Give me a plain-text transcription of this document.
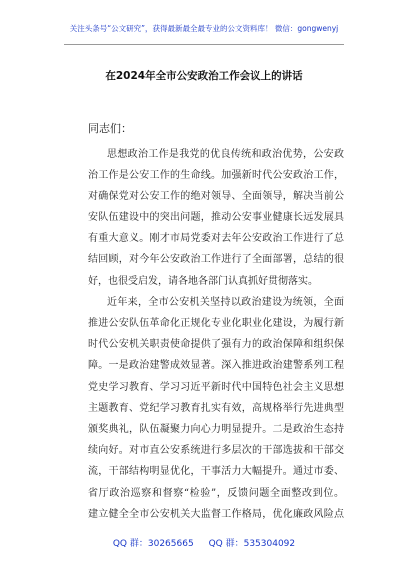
关注头条号“公文研究”，获得最新最全最专业的公文资料库！ 微信：gongwenyj
在2024年全市公安政治工作会议上的讲话
同志们：
思想政治工作是我党的优良传统和政治优势，公安政
治工作是公安工作的生命线。加强新时代公安政治工作，
对确保党对公安工作的绝对领导、全面领导，解决当前公
安队伍建设中的突出问题，推动公安事业健康长远发展具
有重大意义。刚才市局党委对去年公安政治工作进行了总
结回顾，对今年公安政治工作进行了全面部署，总结的很
好，也很受启发，请各地各部门认真抓好贯彻落实。
近年来，全市公安机关坚持以政治建设为统领，全面
推进公安队伍革命化正规化专业化职业化建设，为履行新
时代公安机关职责使命提供了强有力的政治保障和组织保
障。一是政治建警成效显著。深入推进政治建警系列工程
党史学习教育、学习习近平新时代中国特色社会主义思想
主题教育、党纪学习教育扎实有效，高规格举行先进典型
颁奖典礼，队伍凝聚力向心力明显提升。二是政治生态持
续向好。对市直公安系统进行多层次的干部选拔和干部交
流，干部结构明显优化，干事活力大幅提升。通过市委、
省厅政治巡察和督察“检验”，反馈问题全面整改到位。
建立健全全市公安机关大监督工作格局，优化廉政风险点
QQ 群：30265665 QQ 群：535304092
